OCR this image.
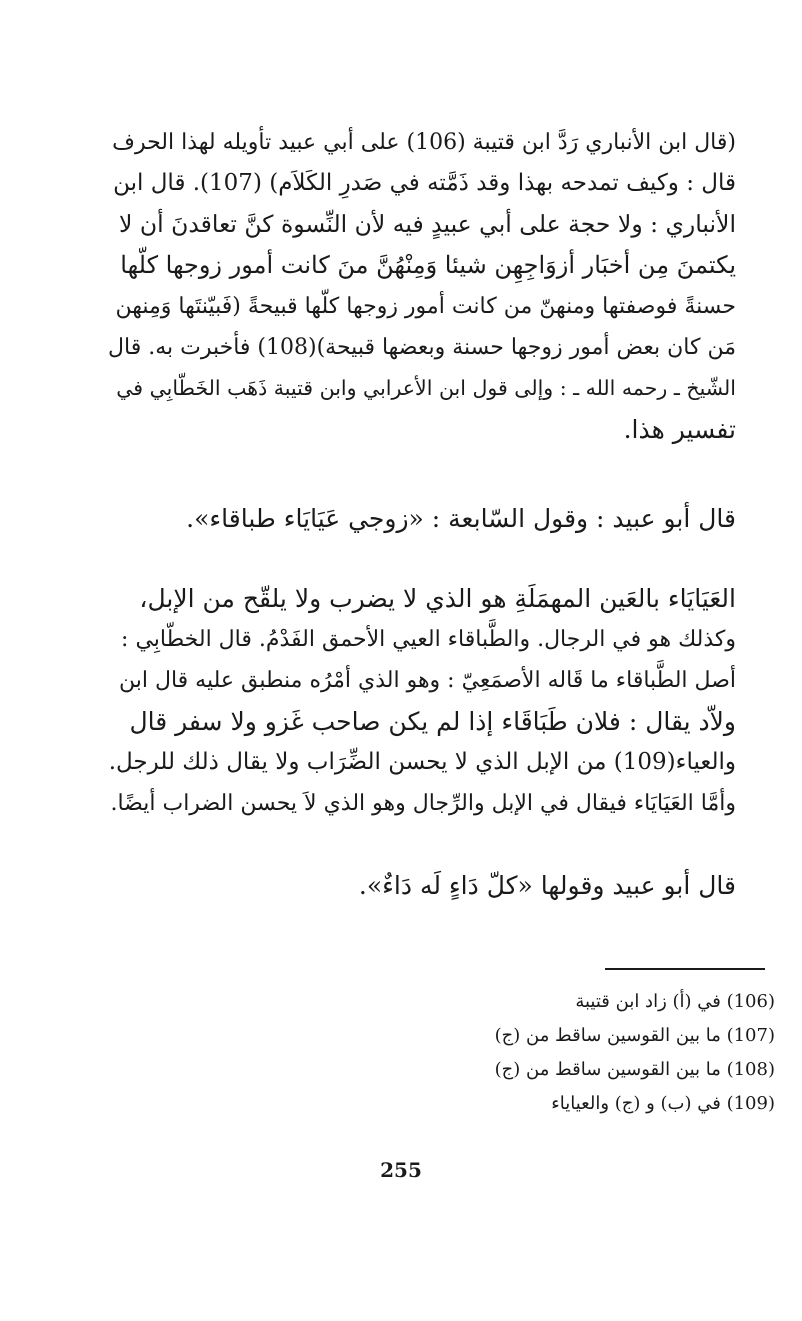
(قال ابن الأنباري رَدَّ ابن قتيبة (106) على أبي عبيد تأويله لهذا الحرف
قال : وكيف تمدحه بهذا وقد ذَمَّته في صَدرِ الكَلاَم) (107). قال ابن
الأنباري : ولا حجة على أبي عبيدٍ فيه لأن النِّسوة كنَّ تعاقدنَ أن لا
يكتمنَ مِن أخبَار أزوَاجِهِن شيئا وَمِنْهُنَّ منَ كانت أمور زوجها كلّها
حسنةً فوصفتها ومنهنّ من كانت أمور زوجها كلّها قبيحةً (فَبيّنتَها وَمِنهن
مَن كان بعض أمور زوجها حسنة وبعضها قبيحة)(108) فأخبرت به. قال
الشّيخ ـ رحمه الله ـ : وإلى قول ابن الأعرابي وابن قتيبة ذَهَب الخَطّابِي في
تفسير هذا.

قال أبو عبيد : وقول السّابعة : «زوجي عَيَايَاء طباقاء».

العَيَايَاء بالعَين المهمَلَةِ هو الذي لا يضرب ولا يلقّح من الإبل،
وكذلك هو في الرجال. والطَّباقاء العيي الأحمق الفَدْمُ. قال الخطّابِي :
أصل الطَّباقاء ما قَاله الأصمَعِيّ : وهو الذي أمْرُه منطبق عليه قال ابن
ولاّد يقال : فلان طَبَاقَاء إذا لم يكن صاحب غَزو ولا سفر قال
والعياء(109) من الإبل الذي لا يحسن الضِّرَاب ولا يقال ذلك للرجل.
وأمَّا العَيَايَاء فيقال في الإبل والرِّجال وهو الذي لاَ يحسن الضراب أيضًا.

قال أبو عبيد وقولها «كلّ دَاءٍ لَه دَاءٌ».

(106) في (أ) زاد ابن قتيبة
(107) ما بين القوسين ساقط من (ج)
(108) ما بين القوسين ساقط من (ج)
(109) في (ب) و (ج) والعياياء
255
